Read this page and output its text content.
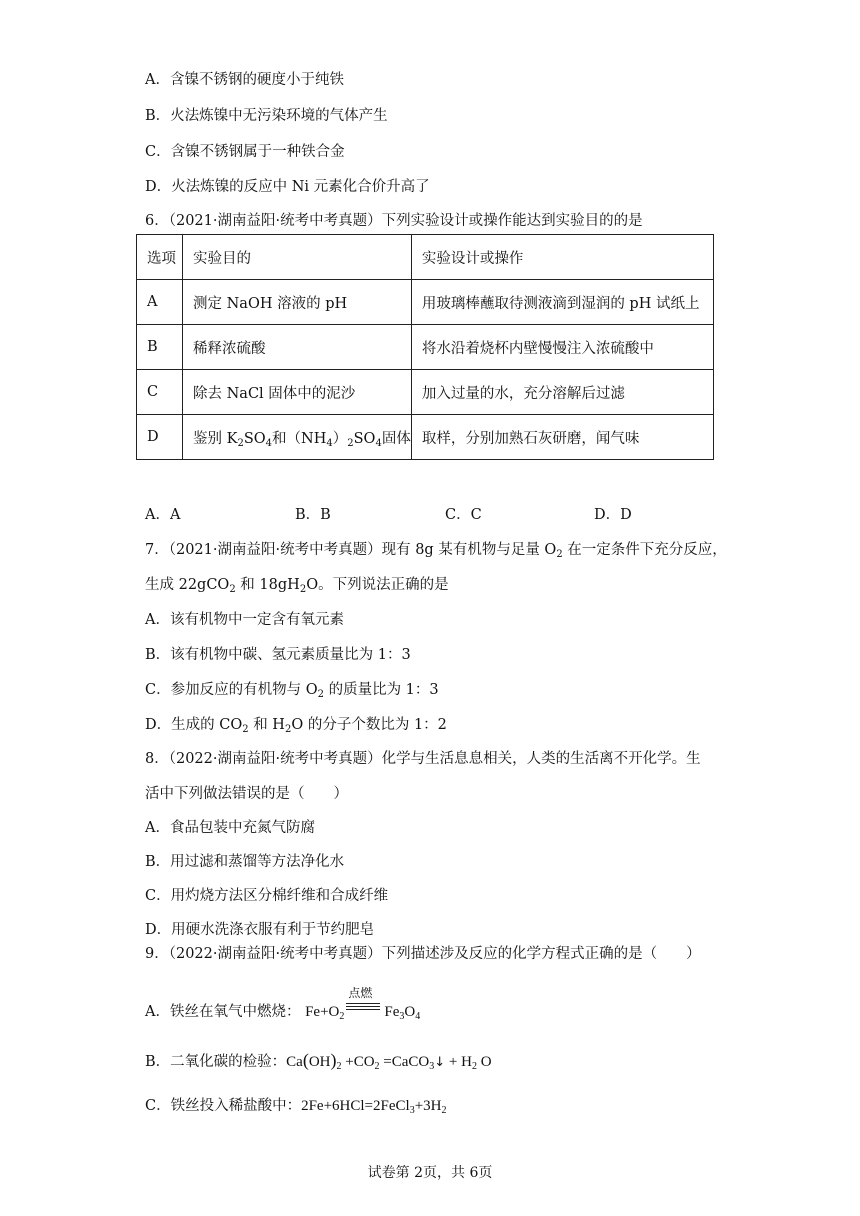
A．含镍不锈钢的硬度小于纯铁
B．火法炼镍中无污染环境的气体产生
C．含镍不锈钢属于一种铁合金
D．火法炼镍的反应中 Ni 元素化合价升高了
6．（2021·湖南益阳·统考中考真题）下列实验设计或操作能达到实验目的的是
选项	实验目的	实验设计或操作
A	测定 NaOH 溶液的 pH	用玻璃棒蘸取待测液滴到湿润的 pH 试纸上
B	稀释浓硫酸	将水沿着烧杯内壁慢慢注入浓硫酸中
C	除去 NaCl 固体中的泥沙	加入过量的水，充分溶解后过滤
D	鉴别 $K_2SO_4$和$(NH_4)_2SO_4$固体	取样，分别加熟石灰研磨，闻气味
A．A	B．B	C．C	D．D
7．（2021·湖南益阳·统考中考真题）现有 8g 某有机物与足量 $O_2$ 在一定条件下充分反应，
生成 22gCO$_2$ 和 $18gH_2O$。下列说法正确的是
A．该有机物中一定含有氧元素
B．该有机物中碳、氢元素质量比为 1：3
C．参加反应的有机物与 $O_2$ 的质量比为 1：3
D．生成的 $CO_2$ 和 $H_2O$ 的分子个数比为 1：2
8．（2022·湖南益阳·统考中考真题）化学与生活息息相关，人类的生活离不开化学。生
活中下列做法错误的是（　　）
A．食品包装中充氮气防腐
B．用过滤和蒸馏等方法净化水
C．用灼烧方法区分棉纤维和合成纤维
D．用硬水洗涤衣服有利于节约肥皂
9．（2022·湖南益阳·统考中考真题）下列描述涉及反应的化学方程式正确的是（　　）
A．铁丝在氧气中燃烧： $Fe+O_2$
点燃
$Fe_3O_4$
B．二氧化碳的检验：$Ca(OH)_2 +CO_2$ =CaCO$_3$↓ + $H_2$ O
C．铁丝投入稀盐酸中：$2Fe+6HCl=2FeCl_3+3H_2$
试卷第 2页，共 6页
